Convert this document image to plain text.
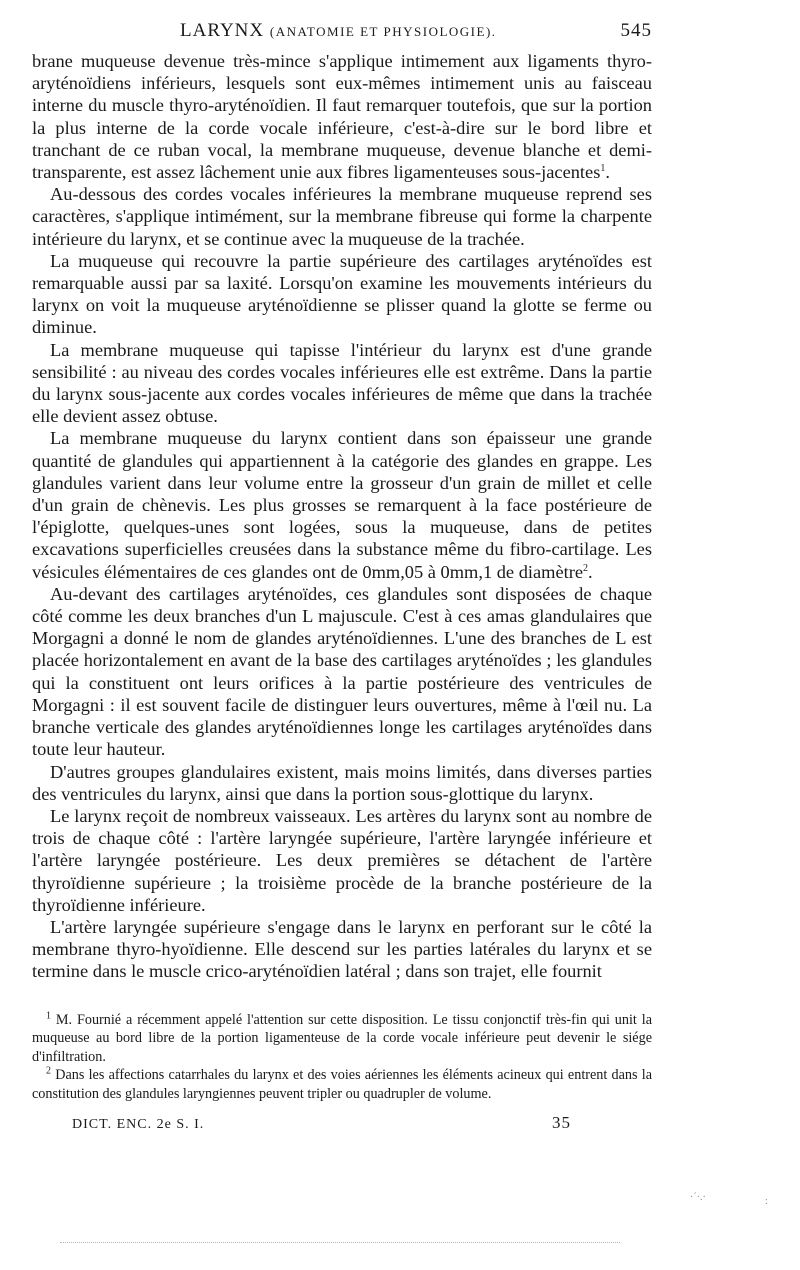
LARYNX (ANATOMIE ET PHYSIOLOGIE).	545

brane muqueuse devenue très-mince s'applique intimement aux ligaments thyro-aryténoïdiens inférieurs, lesquels sont eux-mêmes intimement unis au faisceau interne du muscle thyro-aryténoïdien. Il faut remarquer toutefois, que sur la portion la plus interne de la corde vocale inférieure, c'est-à-dire sur le bord libre et tranchant de ce ruban vocal, la membrane muqueuse, devenue blanche et demi-transparente, est assez lâchement unie aux fibres ligamenteuses sous-jacentes$^1$.

Au-dessous des cordes vocales inférieures la membrane muqueuse reprend ses caractères, s'applique intimément, sur la membrane fibreuse qui forme la charpente intérieure du larynx, et se continue avec la muqueuse de la trachée.

La muqueuse qui recouvre la partie supérieure des cartilages aryténoïdes est remarquable aussi par sa laxité. Lorsqu'on examine les mouvements intérieurs du larynx on voit la muqueuse aryténoïdienne se plisser quand la glotte se ferme ou diminue.

La membrane muqueuse qui tapisse l'intérieur du larynx est d'une grande sensibilité : au niveau des cordes vocales inférieures elle est extrême. Dans la partie du larynx sous-jacente aux cordes vocales inférieures de même que dans la trachée elle devient assez obtuse.

La membrane muqueuse du larynx contient dans son épaisseur une grande quantité de glandules qui appartiennent à la catégorie des glandes en grappe. Les glandules varient dans leur volume entre la grosseur d'un grain de millet et celle d'un grain de chènevis. Les plus grosses se remarquent à la face postérieure de l'épiglotte, quelques-unes sont logées, sous la muqueuse, dans de petites excavations superficielles creusées dans la substance même du fibro-cartilage. Les vésicules élémentaires de ces glandes ont de 0mm,05 à 0mm,1 de diamètre$^2$.

Au-devant des cartilages aryténoïdes, ces glandules sont disposées de chaque côté comme les deux branches d'un L majuscule. C'est à ces amas glandulaires que Morgagni a donné le nom de glandes aryténoïdiennes. L'une des branches de L est placée horizontalement en avant de la base des cartilages aryténoïdes ; les glandules qui la constituent ont leurs orifices à la partie postérieure des ventricules de Morgagni : il est souvent facile de distinguer leurs ouvertures, même à l'œil nu. La branche verticale des glandes aryténoïdiennes longe les cartilages aryténoïdes dans toute leur hauteur.

D'autres groupes glandulaires existent, mais moins limités, dans diverses parties des ventricules du larynx, ainsi que dans la portion sous-glottique du larynx.

Le larynx reçoit de nombreux vaisseaux. Les artères du larynx sont au nombre de trois de chaque côté : l'artère laryngée supérieure, l'artère laryngée inférieure et l'artère laryngée postérieure. Les deux premières se détachent de l'artère thyroïdienne supérieure ; la troisième procède de la branche postérieure de la thyroïdienne inférieure.

L'artère laryngée supérieure s'engage dans le larynx en perforant sur le côté la membrane thyro-hyoïdienne. Elle descend sur les parties latérales du larynx et se termine dans le muscle crico-aryténoïdien latéral ; dans son trajet, elle fournit

$^1$ M. Fournié a récemment appelé l'attention sur cette disposition. Le tissu conjonctif très-fin qui unit la muqueuse au bord libre de la portion ligamenteuse de la corde vocale inférieure peut devenir le siége d'infiltration.

$^2$ Dans les affections catarrhales du larynx et des voies aériennes les éléments acineux qui entrent dans la constitution des glandules laryngiennes peuvent tripler ou quadrupler de volume.

DICT. ENC. 2e S. I.	35
·ˊ·.·	:
